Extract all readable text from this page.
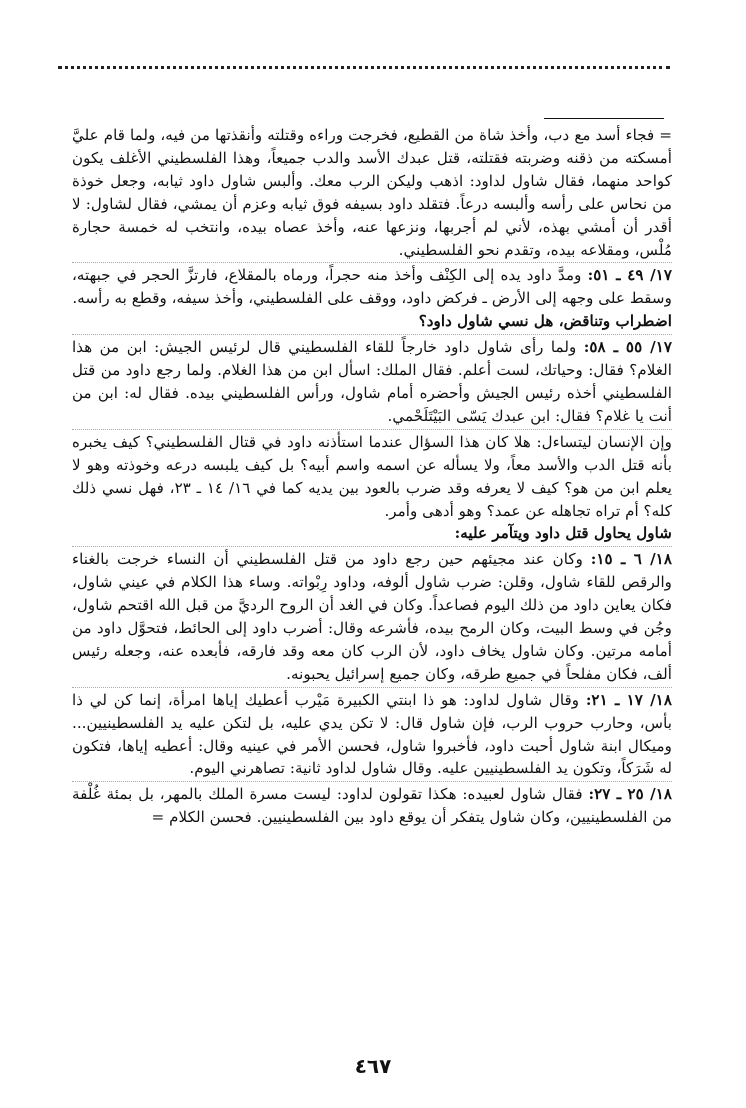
= فجاء أسد مع دب، وأخذ شاة من القطيع، فخرجت وراءه وقتلته وأنقذتها من فيه، ولما قام عليَّ أمسكته من ذقنه وضربته فقتلته، قتل عبدك الأسد والدب جميعاً، وهذا الفلسطيني الأغلف يكون كواحد منهما، فقال شاول لداود: اذهب وليكن الرب معك. وألبس شاول داود ثيابه، وجعل خوذة من نحاس على رأسه وألبسه درعاً. فتقلد داود بسيفه فوق ثيابه وعزم أن يمشي، فقال لشاول: لا أقدر أن أمشي بهذه، لأني لم أجربها، ونزعها عنه، وأخذ عصاه بيده، وانتخب له خمسة حجارة مُلْس، ومقلاعه بيده، وتقدم نحو الفلسطيني.

١٧/ ٤٩ ـ ٥١: ومدَّ داود يده إلى الكِنْف وأخذ منه حجراً، ورماه بالمقلاع، فارتزَّ الحجر في جبهته، وسقط على وجهه إلى الأرض ـ فركض داود، ووقف على الفلسطيني، وأخذ سيفه، وقطع به رأسه.

اضطراب وتناقض، هل نسي شاول داود؟

١٧/ ٥٥ ـ ٥٨: ولما رأى شاول داود خارجاً للقاء الفلسطيني قال لرئيس الجيش: ابن من هذا الغلام؟ فقال: وحياتك، لست أعلم. فقال الملك: اسأل ابن من هذا الغلام. ولما رجع داود من قتل الفلسطيني أخذه رئيس الجيش وأحضره أمام شاول، ورأس الفلسطيني بيده. فقال له: ابن من أنت يا غلام؟ فقال: ابن عبدك يَسّى البَيْتَلَحْمي.

وإن الإنسان ليتساءل: هلا كان هذا السؤال عندما استأذنه داود في قتال الفلسطيني؟ كيف يخبره بأنه قتل الدب والأسد معاً، ولا يسأله عن اسمه واسم أبيه؟ بل كيف يلبسه درعه وخوذته وهو لا يعلم ابن من هو؟ كيف لا يعرفه وقد ضرب بالعود بين يديه كما في ١٦/ ١٤ ـ ٢٣، فهل نسي ذلك كله؟ أم تراه تجاهله عن عمد؟ وهو أدهى وأمر.

شاول يحاول قتل داود ويتآمر عليه:

١٨/ ٦ ـ ١٥: وكان عند مجيئهم حين رجع داود من قتل الفلسطيني أن النساء خرجت بالغناء والرقص للقاء شاول، وقلن: ضرب شاول ألوفه، وداود رِبْواته. وساء هذا الكلام في عيني شاول، فكان يعاين داود من ذلك اليوم فصاعداً. وكان في الغد أن الروح الرديَّ من قبل الله اقتحم شاول، وجُن في وسط البيت، وكان الرمح بيده، فأشرعه وقال: أضرب داود إلى الحائط، فتحوَّل داود من أمامه مرتين. وكان شاول يخاف داود، لأن الرب كان معه وقد فارقه، فأبعده عنه، وجعله رئيس ألف، فكان مفلحاً في جميع طرقه، وكان جميع إسرائيل يحبونه.

١٨/ ١٧ ـ ٢١: وقال شاول لداود: هو ذا ابنتي الكبيرة مَيْرب أعطيك إياها امرأة، إنما كن لي ذا بأس، وحارب حروب الرب، فإن شاول قال: لا تكن يدي عليه، بل لتكن عليه يد الفلسطينيين... وميكال ابنة شاول أحبت داود، فأخبروا شاول، فحسن الأمر في عينيه وقال: أعطيه إياها، فتكون له شَرَكاً، وتكون يد الفلسطينيين عليه. وقال شاول لداود ثانية: تصاهرني اليوم.

١٨/ ٢٥ ـ ٢٧: فقال شاول لعبيده: هكذا تقولون لداود: ليست مسرة الملك بالمهر، بل بمئة غُلْفة من الفلسطينيين، وكان شاول يتفكر أن يوقع داود بين الفلسطينيين. فحسن الكلام =

٤٦٧
